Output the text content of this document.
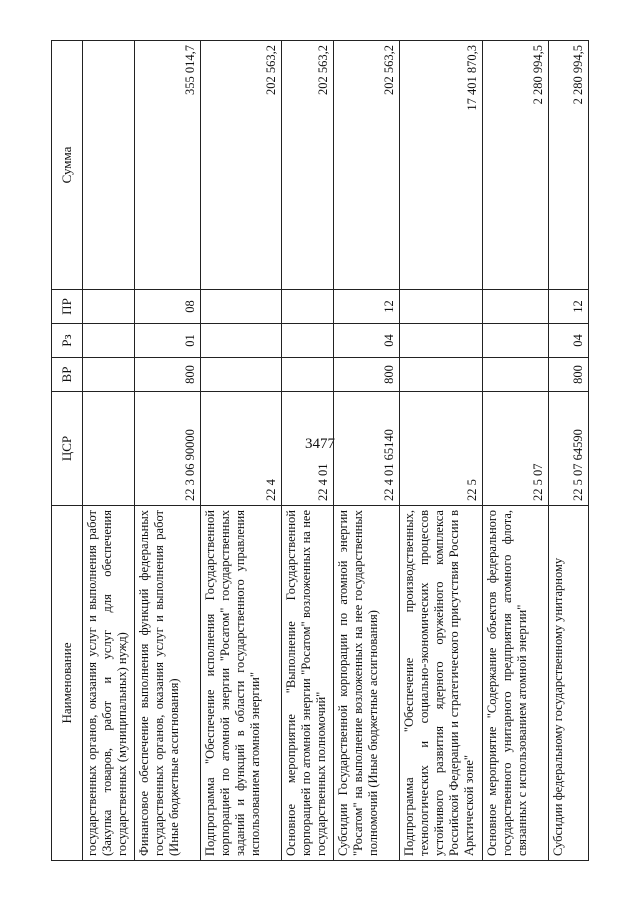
3477
Наименование	ЦСР	ВР	Рз	ПР	Сумма
государственных органов, оказания услуг и выполнения работ (Закупка товаров, работ и услуг для обеспечения государственных (муниципальных) нужд)					
Финансовое обеспечение выполнения функций федеральных государственных органов, оказания услуг и выполнения работ (Иные бюджетные ассигнования)	22 3 06 90000	800	01	08	355 014,7
Подпрограмма "Обеспечение исполнения Государственной корпорацией по атомной энергии "Росатом" государственных заданий и функций в области государственного управления использованием атомной энергии"	22 4				202 563,2
Основное мероприятие "Выполнение Государственной корпорацией по атомной энергии "Росатом" возложенных на нее государственных полномочий"	22 4 01				202 563,2
Субсидии Государственной корпорации по атомной энергии "Росатом" на выполнение возложенных на нее государственных полномочий (Иные бюджетные ассигнования)	22 4 01 65140	800	04	12	202 563,2
Подпрограмма "Обеспечение производственных, технологических и социально-экономических процессов устойчивого развития ядерного оружейного комплекса Российской Федерации и стратегического присутствия России в Арктической зоне"	22 5				17 401 870,3
Основное мероприятие "Содержание объектов федерального государственного унитарного предприятия атомного флота, связанных с использованием атомной энергии"	22 5 07				2 280 994,5
Субсидии федеральному государственному унитарному	22 5 07 64590	800	04	12	2 280 994,5
